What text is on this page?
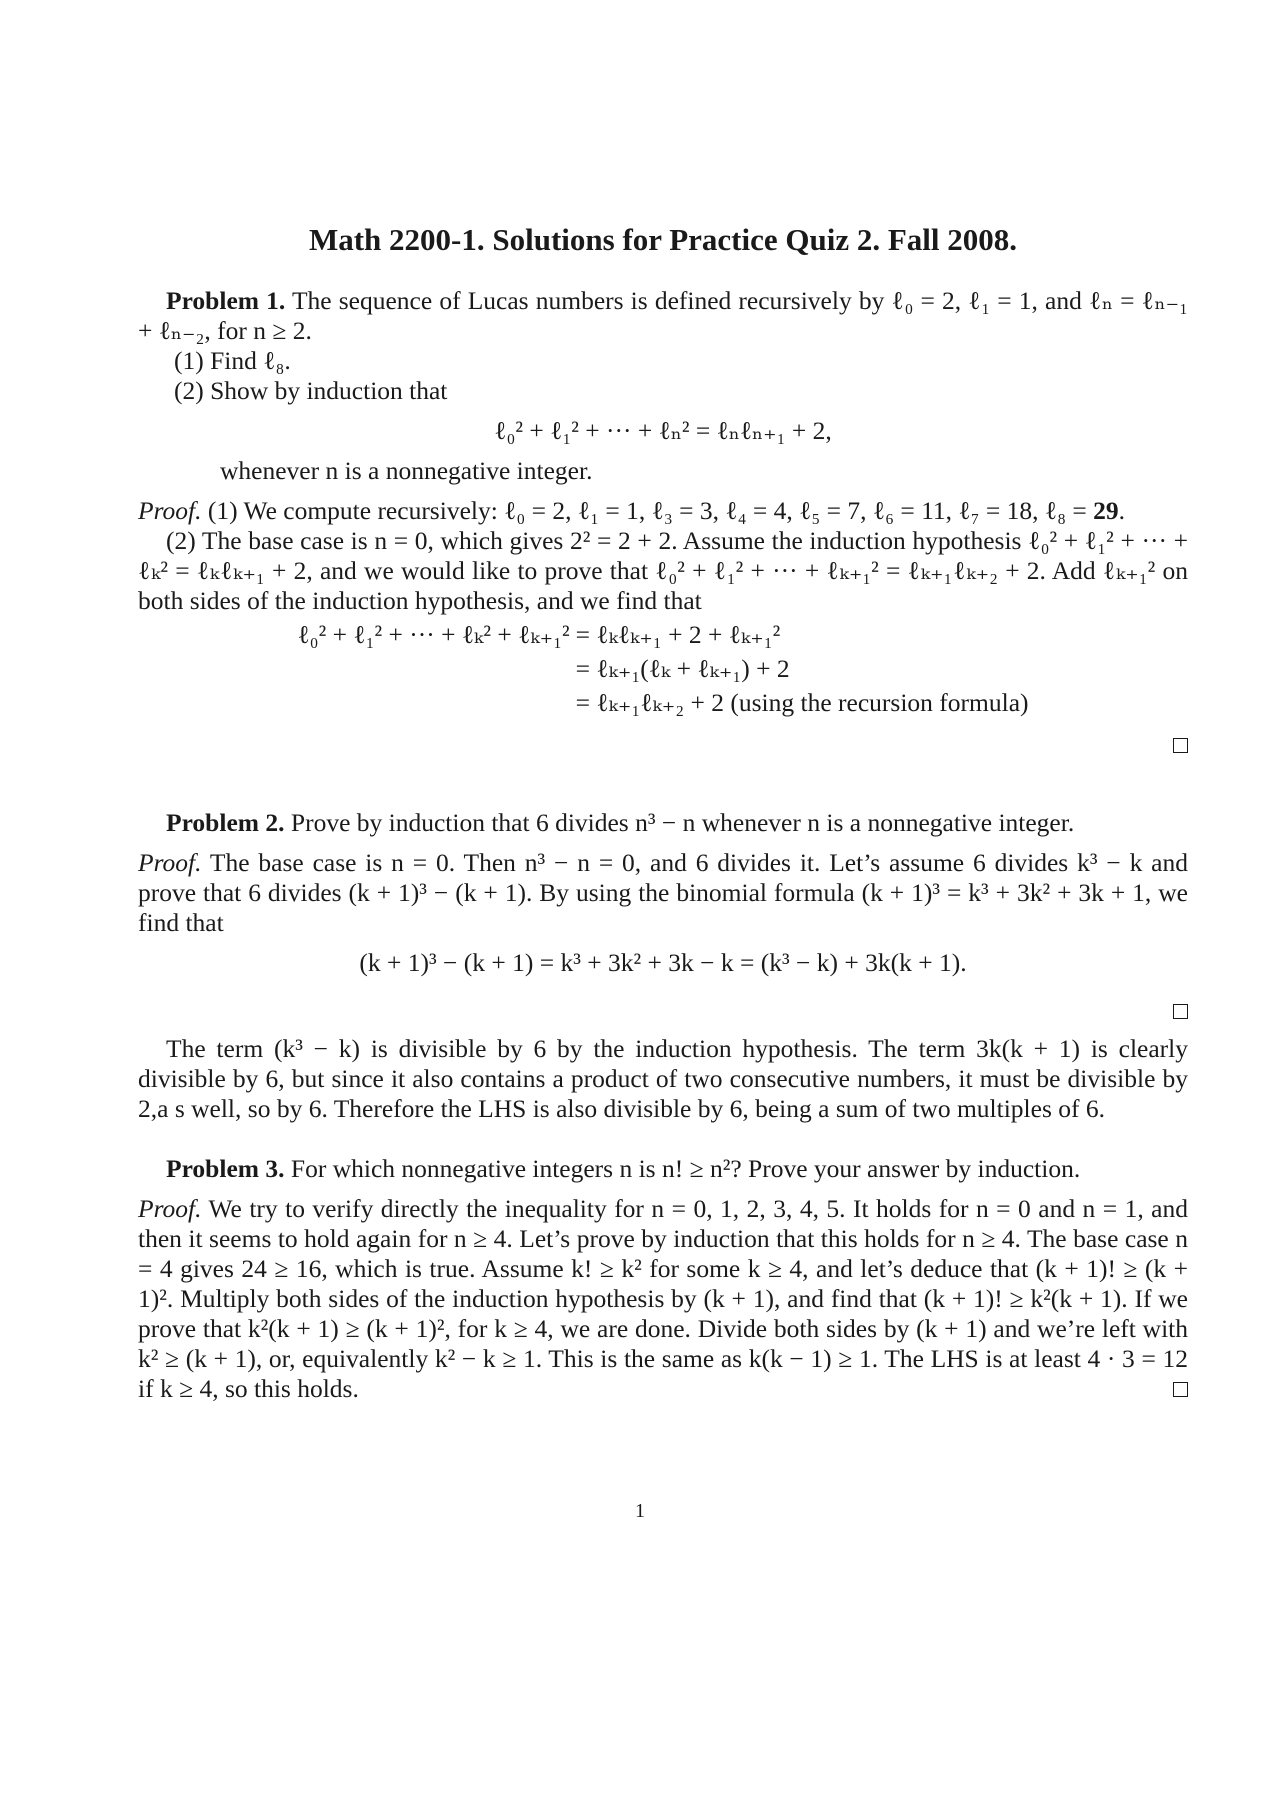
Math 2200-1. Solutions for Practice Quiz 2. Fall 2008.

Problem 1. The sequence of Lucas numbers is defined recursively by ℓ₀ = 2, ℓ₁ = 1, and ℓₙ = ℓₙ₋₁ + ℓₙ₋₂, for n ≥ 2.

(1) Find ℓ₈.
(2) Show by induction that
ℓ₀² + ℓ₁² + ··· + ℓₙ² = ℓₙℓₙ₊₁ + 2,
whenever n is a nonnegative integer.

Proof. (1) We compute recursively: ℓ₀ = 2, ℓ₁ = 1, ℓ₃ = 3, ℓ₄ = 4, ℓ₅ = 7, ℓ₆ = 11, ℓ₇ = 18, ℓ₈ = 29.

(2) The base case is n = 0, which gives 2² = 2 + 2. Assume the induction hypothesis ℓ₀² + ℓ₁² + ··· + ℓₖ² = ℓₖℓₖ₊₁ + 2, and we would like to prove that ℓ₀² + ℓ₁² + ··· + ℓₖ₊₁² = ℓₖ₊₁ℓₖ₊₂ + 2. Add ℓₖ₊₁² on both sides of the induction hypothesis, and we find that

ℓ₀² + ℓ₁² + ··· + ℓₖ² + ℓₖ₊₁² = ℓₖℓₖ₊₁ + 2 + ℓₖ₊₁²
= ℓₖ₊₁(ℓₖ + ℓₖ₊₁) + 2
= ℓₖ₊₁ℓₖ₊₂ + 2 (using the recursion formula)

Problem 2. Prove by induction that 6 divides n³ − n whenever n is a nonnegative integer.

Proof. The base case is n = 0. Then n³ − n = 0, and 6 divides it. Let’s assume 6 divides k³ − k and prove that 6 divides (k + 1)³ − (k + 1). By using the binomial formula (k + 1)³ = k³ + 3k² + 3k + 1, we find that

(k + 1)³ − (k + 1) = k³ + 3k² + 3k − k = (k³ − k) + 3k(k + 1).

The term (k³ − k) is divisible by 6 by the induction hypothesis. The term 3k(k + 1) is clearly divisible by 6, but since it also contains a product of two consecutive numbers, it must be divisible by 2,a s well, so by 6. Therefore the LHS is also divisible by 6, being a sum of two multiples of 6.

Problem 3. For which nonnegative integers n is n! ≥ n²? Prove your answer by induction.

Proof. We try to verify directly the inequality for n = 0, 1, 2, 3, 4, 5. It holds for n = 0 and n = 1, and then it seems to hold again for n ≥ 4. Let’s prove by induction that this holds for n ≥ 4. The base case n = 4 gives 24 ≥ 16, which is true. Assume k! ≥ k² for some k ≥ 4, and let’s deduce that (k + 1)! ≥ (k + 1)². Multiply both sides of the induction hypothesis by (k + 1), and find that (k + 1)! ≥ k²(k + 1). If we prove that k²(k + 1) ≥ (k + 1)², for k ≥ 4, we are done. Divide both sides by (k + 1) and we’re left with k² ≥ (k + 1), or, equivalently k² − k ≥ 1. This is the same as k(k − 1) ≥ 1. The LHS is at least 4 · 3 = 12 if k ≥ 4, so this holds.

1
